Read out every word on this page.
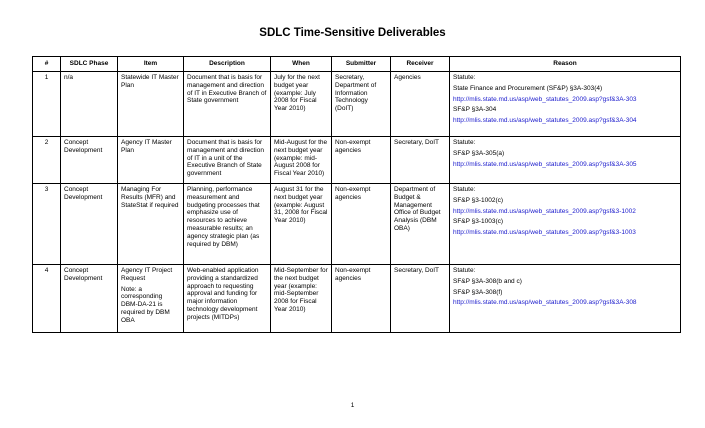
SDLC Time-Sensitive Deliverables
#	SDLC Phase	Item	Description	When	Submitter	Receiver	Reason
1	n/a	Statewide IT Master Plan	Document that is basis for management and direction of IT in Executive Branch of State government	July for the next budget year (example: July 2008 for Fiscal Year 2010)	Secretary, Department of Information Technology (DoIT)	Agencies	Statute:
State Finance and Procurement (SF&P) §3A-303(4)
http://mlis.state.md.us/asp/web_statutes_2009.asp?gsf&3A-303
SF&P §3A-304
http://mlis.state.md.us/asp/web_statutes_2009.asp?gsf&3A-304

2	Concept Development	Agency IT Master Plan	Document that is basis for management and direction of IT in a unit of the Executive Branch of State government	Mid-August for the next budget year (example: mid-August 2008 for Fiscal Year 2010)	Non-exempt agencies	Secretary, DoIT	Statute:
SF&P §3A-305(a)
http://mlis.state.md.us/asp/web_statutes_2009.asp?gsf&3A-305

3	Concept Development	Managing For Results (MFR) and StateStat if required	Planning, performance measurement and budgeting processes that emphasize use of resources to achieve measurable results; an agency strategic plan (as required by DBM)	August 31 for the next budget year (example: August 31, 2008 for Fiscal Year 2010)	Non-exempt agencies	Department of Budget & Management Office of Budget Analysis (DBM OBA)	Statute:
SF&P §3-1002(c)
http://mlis.state.md.us/asp/web_statutes_2009.asp?gsf&3-1002
SF&P §3-1003(c)
http://mlis.state.md.us/asp/web_statutes_2009.asp?gsf&3-1003

4	Concept Development	Agency IT Project Request
Note: a corresponding DBM-DA-21 is required by DBM OBA	Web-enabled application providing a standardized approach to requesting approval and funding for major information technology development projects (MITDPs)	Mid-September for the next budget year (example: mid-September 2008 for Fiscal Year 2010)	Non-exempt agencies	Secretary, DoIT	Statute:
SF&P §3A-308(b and c)
SF&P §3A-308(f)
http://mlis.state.md.us/asp/web_statutes_2009.asp?gsf&3A-308
1
